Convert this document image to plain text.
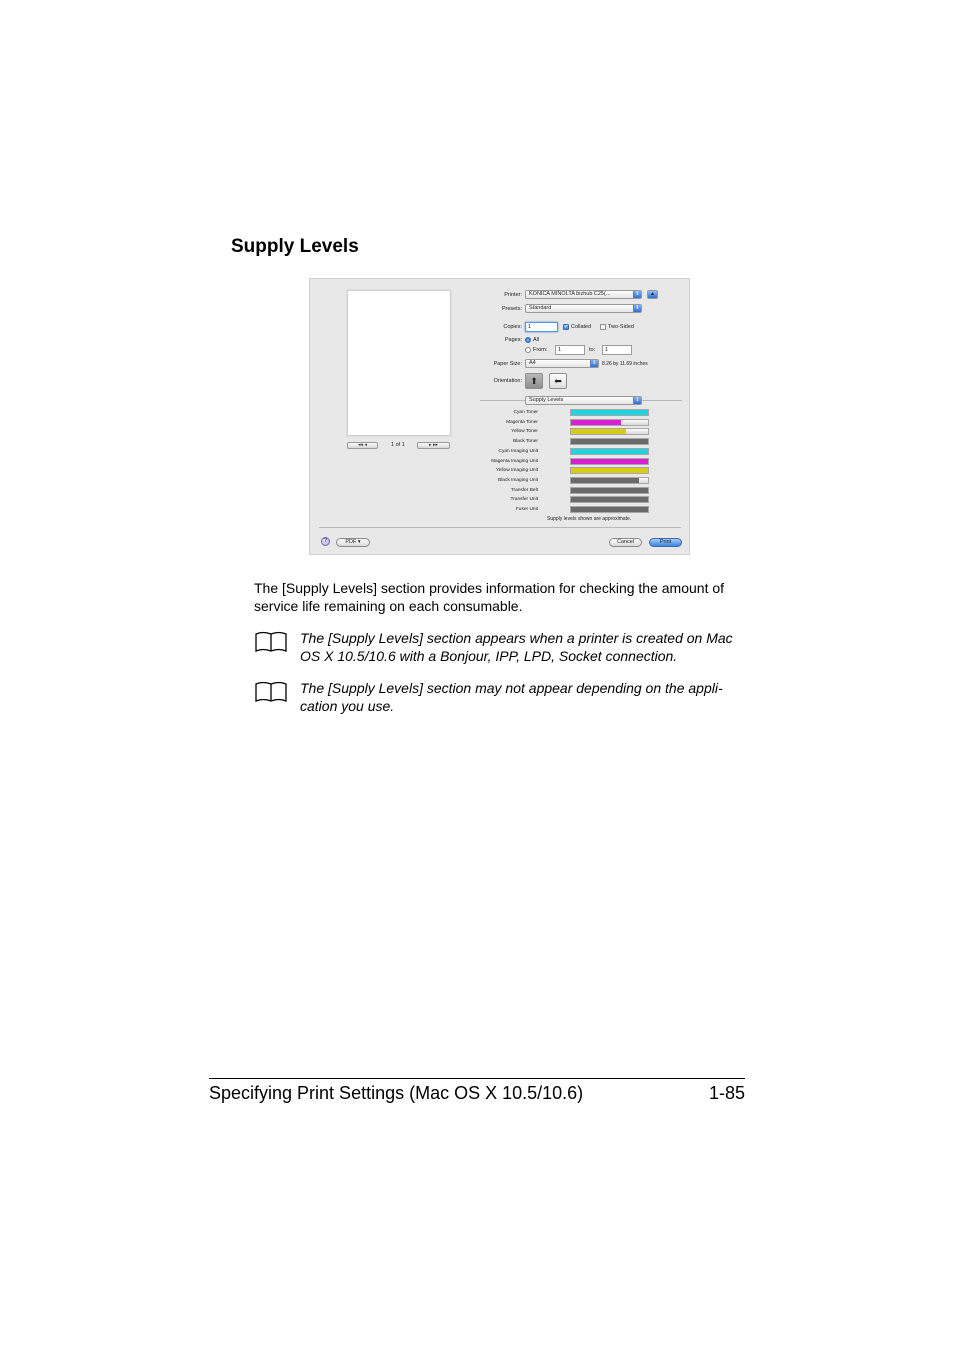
Supply Levels
◂◂ ◂	1 of 1	▸ ▸▸
Printer:	KONICA MINOLTA bizhub C25(...	⇕	▲
Presets:	Standard	⇕
Copies:	1	✓ Collated	Two-Sided
Pages: All
From:	1	to:	1
Paper Size:	A4	⇕ 8.26 by 11.69 inches
Orientation: ⬆	⬅
Supply Levels	⇕
Cyan Toner
Magenta Toner
Yellow Toner
Black Toner
Cyan Imaging Unit
Magenta Imaging Unit
Yellow Imaging Unit
Black Imaging Unit
Transfer Belt
Transfer Unit
Fuser Unit
Supply levels shown are approximate.
?	PDF ▾	Cancel	Print

The [Supply Levels] section provides information for checking the amount of service life remaining on each consumable.

The [Supply Levels] section appears when a printer is created on Mac OS X 10.5/10.6 with a Bonjour, IPP, LPD, Socket connection.

The [Supply Levels] section may not appear depending on the appli-cation you use.

Specifying Print Settings (Mac OS X 10.5/10.6)	1-85
